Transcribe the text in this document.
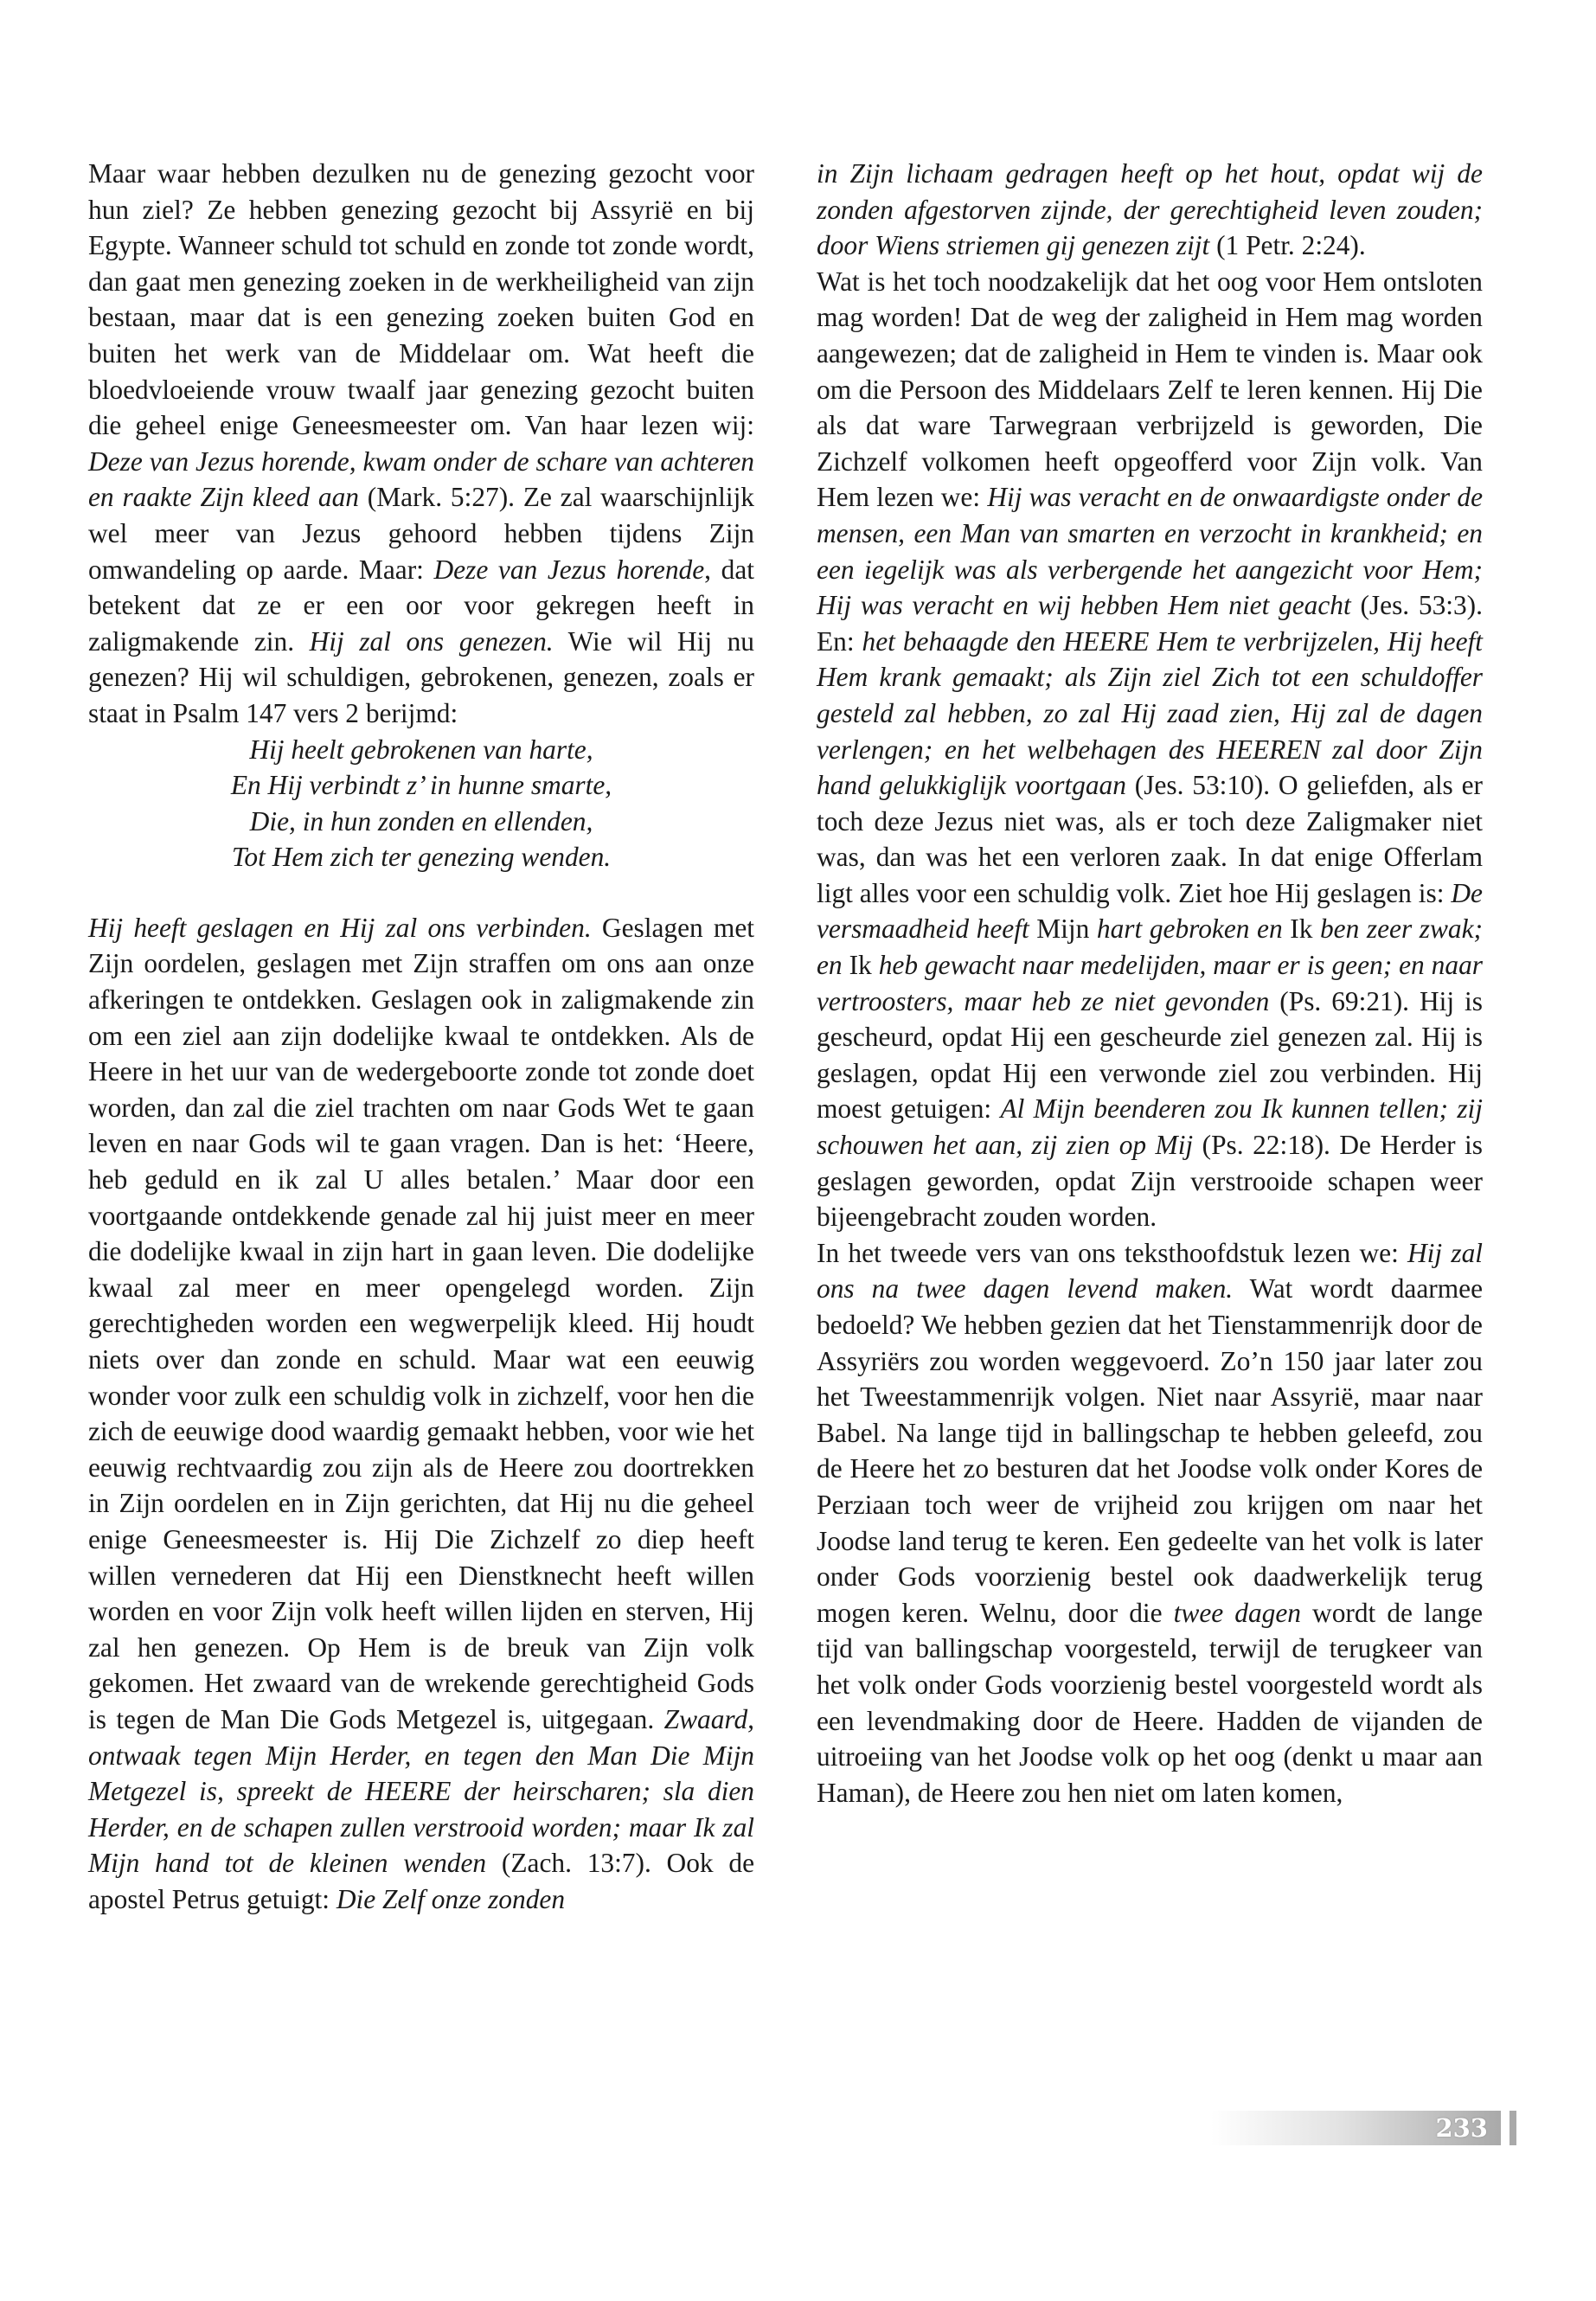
Maar waar hebben dezulken nu de genezing gezocht voor hun ziel? Ze hebben genezing gezocht bij Assyrië en bij Egypte. Wanneer schuld tot schuld en zonde tot zonde wordt, dan gaat men genezing zoeken in de werkheiligheid van zijn bestaan, maar dat is een genezing zoeken buiten God en buiten het werk van de Middelaar om. Wat heeft die bloedvloeiende vrouw twaalf jaar genezing gezocht buiten die geheel enige Geneesmeester om. Van haar lezen wij: Deze van Jezus horende, kwam onder de schare van achteren en raakte Zijn kleed aan (Mark. 5:27). Ze zal waarschijnlijk wel meer van Jezus gehoord hebben tijdens Zijn omwandeling op aarde. Maar: Deze van Jezus horende, dat betekent dat ze er een oor voor gekregen heeft in zaligmakende zin. Hij zal ons genezen. Wie wil Hij nu genezen? Hij wil schuldigen, gebrokenen, genezen, zoals er staat in Psalm 147 vers 2 berijmd:

Hij heelt gebrokenen van harte,
En Hij verbindt z’ in hunne smarte,
Die, in hun zonden en ellenden,
Tot Hem zich ter genezing wenden.

Hij heeft geslagen en Hij zal ons verbinden. Geslagen met Zijn oordelen, geslagen met Zijn straffen om ons aan onze afkeringen te ontdekken. Geslagen ook in zaligmakende zin om een ziel aan zijn dodelijke kwaal te ontdekken. Als de Heere in het uur van de wedergeboorte zonde tot zonde doet worden, dan zal die ziel trachten om naar Gods Wet te gaan leven en naar Gods wil te gaan vragen. Dan is het: ‘Heere, heb geduld en ik zal U alles betalen.’ Maar door een voortgaande ontdekkende genade zal hij juist meer en meer die dodelijke kwaal in zijn hart in gaan leven. Die dodelijke kwaal zal meer en meer opengelegd worden. Zijn gerechtigheden worden een wegwerpelijk kleed. Hij houdt niets over dan zonde en schuld. Maar wat een eeuwig wonder voor zulk een schuldig volk in zichzelf, voor hen die zich de eeuwige dood waardig gemaakt hebben, voor wie het eeuwig rechtvaardig zou zijn als de Heere zou doortrekken in Zijn oordelen en in Zijn gerichten, dat Hij nu die geheel enige Geneesmeester is. Hij Die Zichzelf zo diep heeft willen vernederen dat Hij een Dienstknecht heeft willen worden en voor Zijn volk heeft willen lijden en sterven, Hij zal hen genezen. Op Hem is de breuk van Zijn volk gekomen. Het zwaard van de wrekende gerechtigheid Gods is tegen de Man Die Gods Metgezel is, uitgegaan. Zwaard, ontwaak tegen Mijn Herder, en tegen den Man Die Mijn Metgezel is, spreekt de HEERE der heirscharen; sla dien Herder, en de schapen zullen verstrooid worden; maar Ik zal Mijn hand tot de kleinen wenden (Zach. 13:7). Ook de apostel Petrus getuigt: Die Zelf onze zonden

in Zijn lichaam gedragen heeft op het hout, opdat wij de zonden afgestorven zijnde, der gerechtigheid leven zouden; door Wiens striemen gij genezen zijt (1 Petr. 2:24).

Wat is het toch noodzakelijk dat het oog voor Hem ontsloten mag worden! Dat de weg der zaligheid in Hem mag worden aangewezen; dat de zaligheid in Hem te vinden is. Maar ook om die Persoon des Middelaars Zelf te leren kennen. Hij Die als dat ware Tarwegraan verbrijzeld is geworden, Die Zichzelf volkomen heeft opgeofferd voor Zijn volk. Van Hem lezen we: Hij was veracht en de onwaardigste onder de mensen, een Man van smarten en verzocht in krankheid; en een iegelijk was als verbergende het aangezicht voor Hem; Hij was veracht en wij hebben Hem niet geacht (Jes. 53:3). En: het behaagde den HEERE Hem te verbrijzelen, Hij heeft Hem krank gemaakt; als Zijn ziel Zich tot een schuldoffer gesteld zal hebben, zo zal Hij zaad zien, Hij zal de dagen verlengen; en het welbehagen des HEEREN zal door Zijn hand gelukkiglijk voortgaan (Jes. 53:10). O geliefden, als er toch deze Jezus niet was, als er toch deze Zaligmaker niet was, dan was het een verloren zaak. In dat enige Offerlam ligt alles voor een schuldig volk. Ziet hoe Hij geslagen is: De versmaadheid heeft Mijn hart gebroken en Ik ben zeer zwak; en Ik heb gewacht naar medelijden, maar er is geen; en naar vertroosters, maar heb ze niet gevonden (Ps. 69:21). Hij is gescheurd, opdat Hij een gescheurde ziel genezen zal. Hij is geslagen, opdat Hij een verwonde ziel zou verbinden. Hij moest getuigen: Al Mijn beenderen zou Ik kunnen tellen; zij schouwen het aan, zij zien op Mij (Ps. 22:18). De Herder is geslagen geworden, opdat Zijn verstrooide schapen weer bijeengebracht zouden worden.

In het tweede vers van ons teksthoofdstuk lezen we: Hij zal ons na twee dagen levend maken. Wat wordt daarmee bedoeld? We hebben gezien dat het Tienstammenrijk door de Assyriërs zou worden weggevoerd. Zo’n 150 jaar later zou het Tweestammenrijk volgen. Niet naar Assyrië, maar naar Babel. Na lange tijd in ballingschap te hebben geleefd, zou de Heere het zo besturen dat het Joodse volk onder Kores de Perziaan toch weer de vrijheid zou krijgen om naar het Joodse land terug te keren. Een gedeelte van het volk is later onder Gods voorzienig bestel ook daadwerkelijk terug mogen keren. Welnu, door die twee dagen wordt de lange tijd van ballingschap voorgesteld, terwijl de terugkeer van het volk onder Gods voorzienig bestel voorgesteld wordt als een levendmaking door de Heere. Hadden de vijanden de uitroeiing van het Joodse volk op het oog (denkt u maar aan Haman), de Heere zou hen niet om laten komen,

233
